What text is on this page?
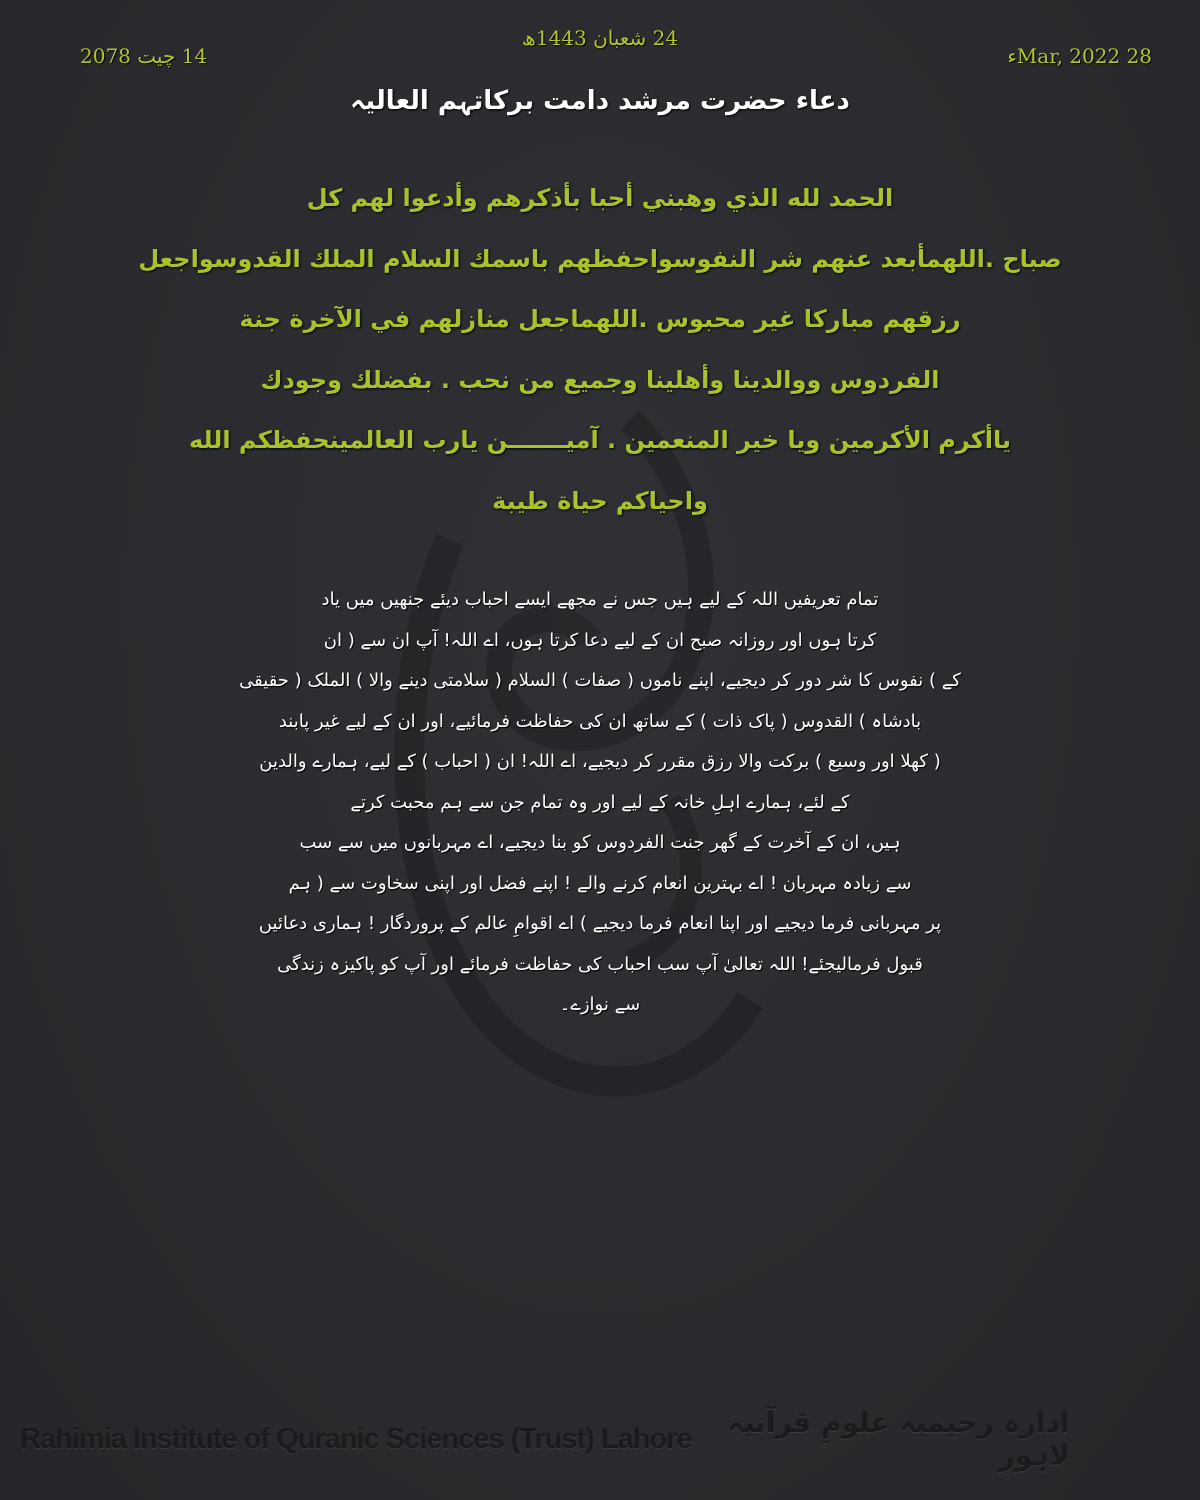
24 شعبان 1443ھ
14 چیت 2078	28 Mar, 2022ء
دعاء حضرت مرشد دامت برکاتہم العالیہ
الحمد لله الذي وهبني أحبا بأذكرهم وأدعوا لهم كل
صباح .اللهمأبعد عنهم شر النفوسواحفظهم باسمك السلام الملك القدوسواجعل
رزقهم مباركا غير محبوس .اللهماجعل منازلهم في الآخرة جنة
الفردوس ووالدينا وأهلينا وجميع من نحب . بفضلك وجودك
ياأكرم الأكرمين ويا خير المنعمين . آميـــــــن يارب العالمينحفظكم الله
واحياكم حياة طيبة
تمام تعریفیں اللہ کے لیے ہیں جس نے مجھے ایسے احباب دیئے جنھیں میں یاد
کرتا ہوں اور روزانہ صبح ان کے لیے دعا کرتا ہوں، اے اللہ! آپ ان سے ( ان
کے ) نفوس کا شر دور کر دیجیے، اپنے ناموں ( صفات ) السلام ( سلامتی دینے والا ) الملک ( حقیقی
بادشاہ ) القدوس ( پاک ذات ) کے ساتھ ان کی حفاظت فرمائیے، اور ان کے لیے غیر پابند
( کھلا اور وسیع ) برکت والا رزق مقرر کر دیجیے، اے اللہ! ان ( احباب ) کے لیے، ہمارے والدین
کے لئے، ہمارے اہلِ خانہ کے لیے اور وہ تمام جن سے ہم محبت کرتے
ہیں، ان کے آخرت کے گھر جنت الفردوس کو بنا دیجیے، اے مہربانوں میں سے سب
سے زیادہ مہربان ! اے بہترین انعام کرنے والے ! اپنے فضل اور اپنی سخاوت سے ( ہم
پر مہربانی فرما دیجیے اور اپنا انعام فرما دیجیے ) اے اقوامِ عالم کے پروردگار ! ہماری دعائیں
قبول فرمالیجئے! اللہ تعالیٰ آپ سب احباب کی حفاظت فرمائے اور آپ کو پاکیزہ زندگی
سے نوازے۔
Rahimia Institute of Quranic Sciences (Trust) Lahore	ادارہ رحیمیہ علومِ قرآنیہ لاہور
